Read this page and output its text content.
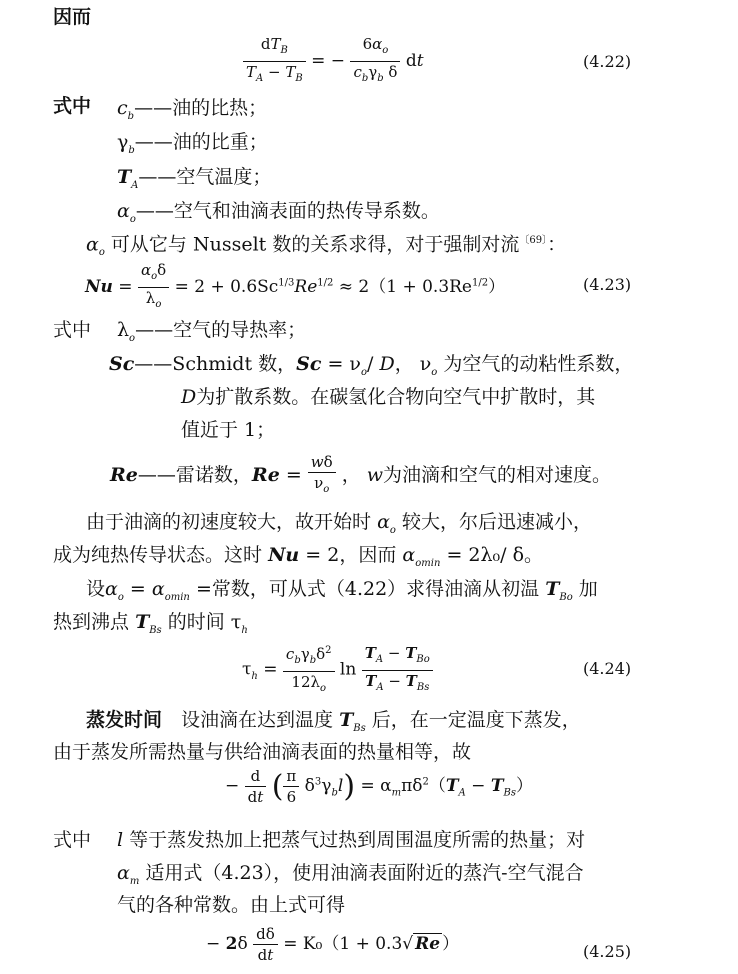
因而
$\frac{dT_B}{T_A - T_B}$ = − $\frac{6\alpha_o}{c_b\gamma_b \delta}$ dt	(4.22)
式中 $c_b——$油的比热；
$\gamma_b——$油的比重；
$T_A——$空气温度；
$\alpha_o——$空气和油滴表面的热传导系数。
$\alpha_o$ 可从它与 Nusselt 数的关系求得，对于强制对流$^{〔69〕}$：
$Nu = \frac{\alpha_o\delta}{\lambda_o} = 2 + 0.6Sc^{1/3}Re^{1/2} \approx 2(1 + 0.3Re^{1/2})$	(4.23)
式中 $\lambda_o——$空气的导热率；
Sc——Schmidt 数，$Sc = \nu_o/$ D， $\nu_o$ 为空气的动粘性系数，
D为扩散系数。在碳氢化合物向空气中扩散时，其
值近于 1；
Re——雷诺数，$Re = \frac{w\delta}{\nu_o}$ ， w为油滴和空气的相对速度。
由于油滴的初速度较大，故开始时 $\alpha_o$ 较大，尔后迅速减小，
成为纯热传导状态。这时 Nu = 2，因而 $\alpha_{omin} = 2\lambda_0/$ δ。
设$\alpha_o = \alpha_{omin}$ =常数，可从式（4.22）求得油滴从初温 $T_{Bo}$ 加
热到沸点 $T_{Bs}$ 的时间 $\tau_h$
$\tau_h = \frac{c_b\gamma_b\delta^2}{12\lambda_o}$ $\ln \frac{T_A - T_{Bo}}{T_A - T_{Bs}}$	(4.24)
蒸发时间　 设油滴在达到温度 $T_{Bs}$ 后，在一定温度下蒸发，
由于蒸发所需热量与供给油滴表面的热量相等，故
− $\frac{d}{dt}$ ( $\frac{\pi}{6} \delta^3\gamma_bl) = \alpha_m\pi\delta^2(T_A - T_{Bs})$
式中 l 等于蒸发热加上把蒸气过热到周围温度所需的热量；对
$\alpha_m$ 适用式（4.23），使用油滴表面附近的蒸汽-空气混合
气的各种常数。由上式可得
− $2\delta \frac{d\delta}{dt} = K_0(1 + 0.3√$ Re ）	(4.25)
